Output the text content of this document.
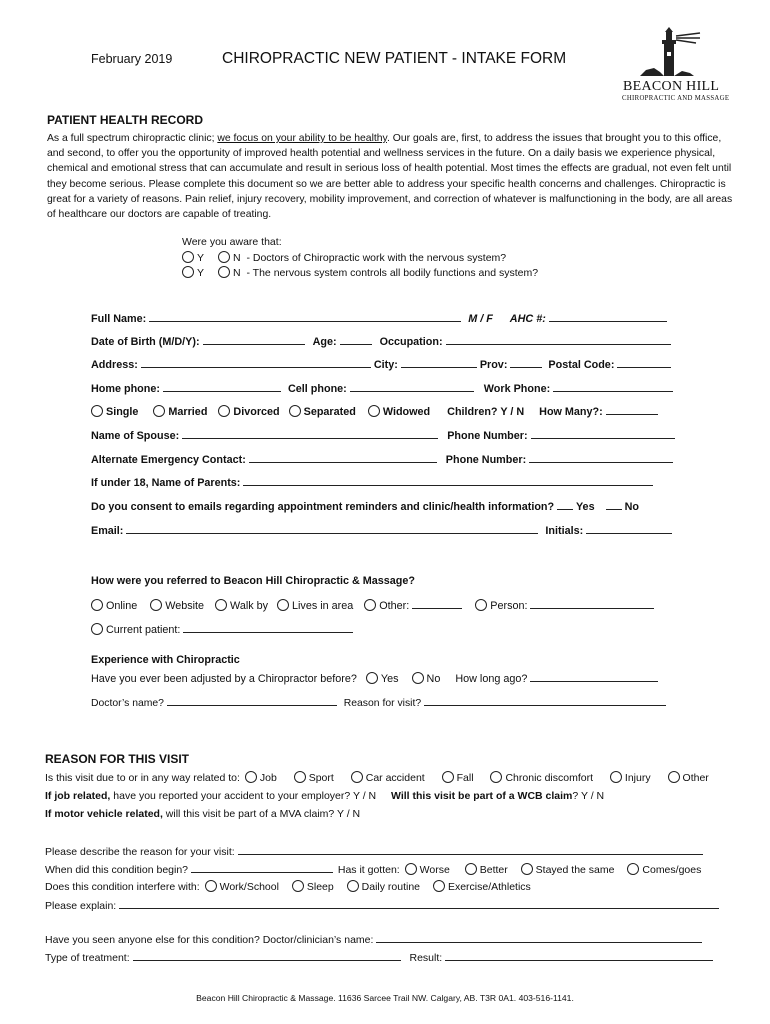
February 2019	CHIROPRACTIC NEW PATIENT - INTAKE FORM
BEACON HILL
CHIROPRACTIC AND MASSAGE
PATIENT HEALTH RECORD
As a full spectrum chiropractic clinic; we focus on your ability to be healthy. Our goals are, first, to address the issues that brought you to this office, and second, to offer you the opportunity of improved health potential and wellness services in the future. On a daily basis we experience physical, chemical and emotional stress that can accumulate and result in serious loss of health potential. Most times the effects are gradual, not even felt until they become serious. Please complete this document so we are better able to address your specific health concerns and challenges. Chiropractic is great for a variety of reasons. Pain relief, injury recovery, mobility improvement, and correction of whatever is malfunctioning in the body, are all areas of healthcare our doctors are capable of treating.
Were you aware that:
Y	N - Doctors of Chiropractic work with the nervous system?
Y	N - The nervous system controls all bodily functions and system?
Full Name:	M / F AHC #:
Date of Birth (M/D/Y):	Age:	Occupation:
Address:	City:	Prov:	Postal Code:
Home phone:	Cell phone:	Work Phone:
Single	Married Divorced Separated	Widowed Children? Y / N How Many?:
Name of Spouse:	Phone Number:
Alternate Emergency Contact:	Phone Number:
If under 18, Name of Parents:
Do you consent to emails regarding appointment reminders and clinic/health information? Yes	No
Email:	Initials:
How were you referred to Beacon Hill Chiropractic & Massage?
Online	Website Walk by Lives in area Other:	Person:
Current patient:
Experience with Chiropractic
Have you ever been adjusted by a Chiropractor before? Yes	No How long ago?
Doctor’s name?	Reason for visit?
REASON FOR THIS VISIT
Is this visit due to or in any way related to: Job	Sport	Car accident	Fall	Chronic discomfort	Injury	Other
If job related, have you reported your accident to your employer? Y / N Will this visit be part of a WCB claim? Y / N
If motor vehicle related, will this visit be part of a MVA claim? Y / N
Please describe the reason for your visit:
When did this condition begin?	Has it gotten: Worse	Better	Stayed the same	Comes/goes
Does this condition interfere with: Work/School	Sleep	Daily routine	Exercise/Athletics
Please explain:
Have you seen anyone else for this condition? Doctor/clinician’s name:
Type of treatment:	Result:
Beacon Hill Chiropractic & Massage. 11636 Sarcee Trail NW. Calgary, AB. T3R 0A1. 403-516-1141.
